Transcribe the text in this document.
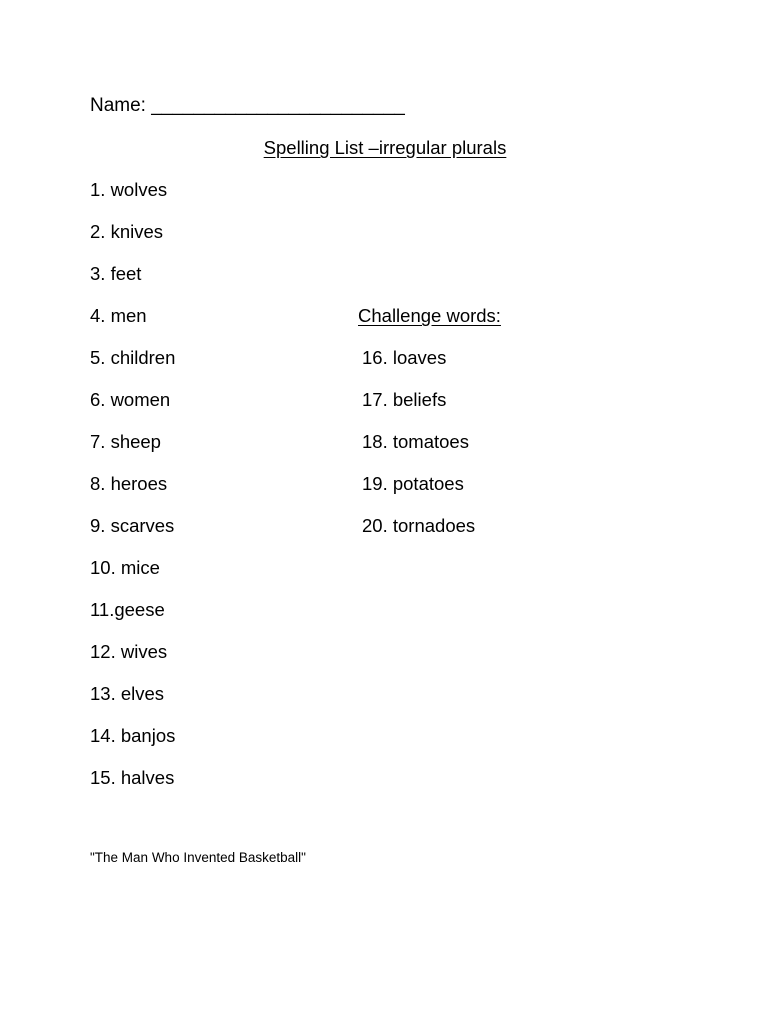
Name: ________________________
Spelling List –irregular plurals
1. wolves
2. knives
3. feet
4. men
5. children
6. women
7. sheep
8. heroes
9. scarves
10. mice
11.geese
12. wives
13. elves
14. banjos
15. halves
Challenge words:
16. loaves
17. beliefs
18. tomatoes
19. potatoes
20. tornadoes
"The Man Who Invented Basketball"
